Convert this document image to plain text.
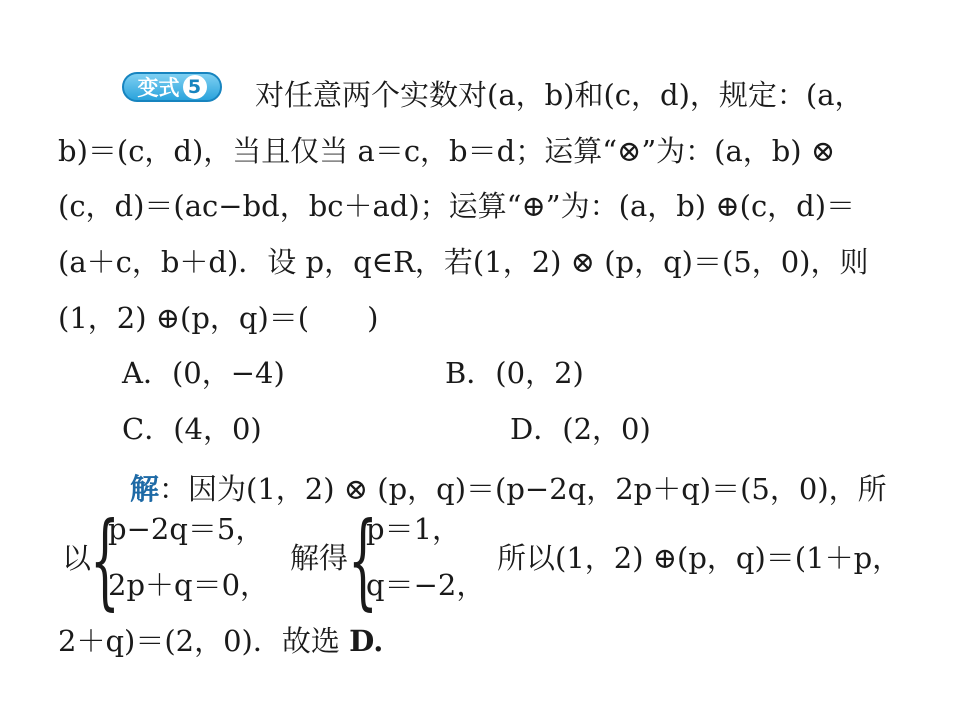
变式 5 对任意两个实数对(a，b)和(c，d)，规定：(a，
b)＝(c，d)，当且仅当 a＝c，b＝d；运算“⊗”为：(a，b) ⊗
(c，d)＝(ac−bd，bc＋ad)；运算“⊕”为：(a，b) ⊕(c，d)＝
(a＋c，b＋d)．设 p，q∈R，若(1，2) ⊗ (p，q)＝(5，0)，则
(1，2) ⊕(p，q)＝(　　)
A．(0，−4)	B．(0，2)
C．(4，0)	D．(2，0)
解：因为(1，2) ⊗ (p，q)＝(p−2q，2p＋q)＝(5，0)，所
以
{
p−2q＝5，
2p＋q＝0，
解得 {
p＝1，
q＝−2，
所以(1，2) ⊕(p，q)＝(1＋p，
2＋q)＝(2，0)．故选 D.
